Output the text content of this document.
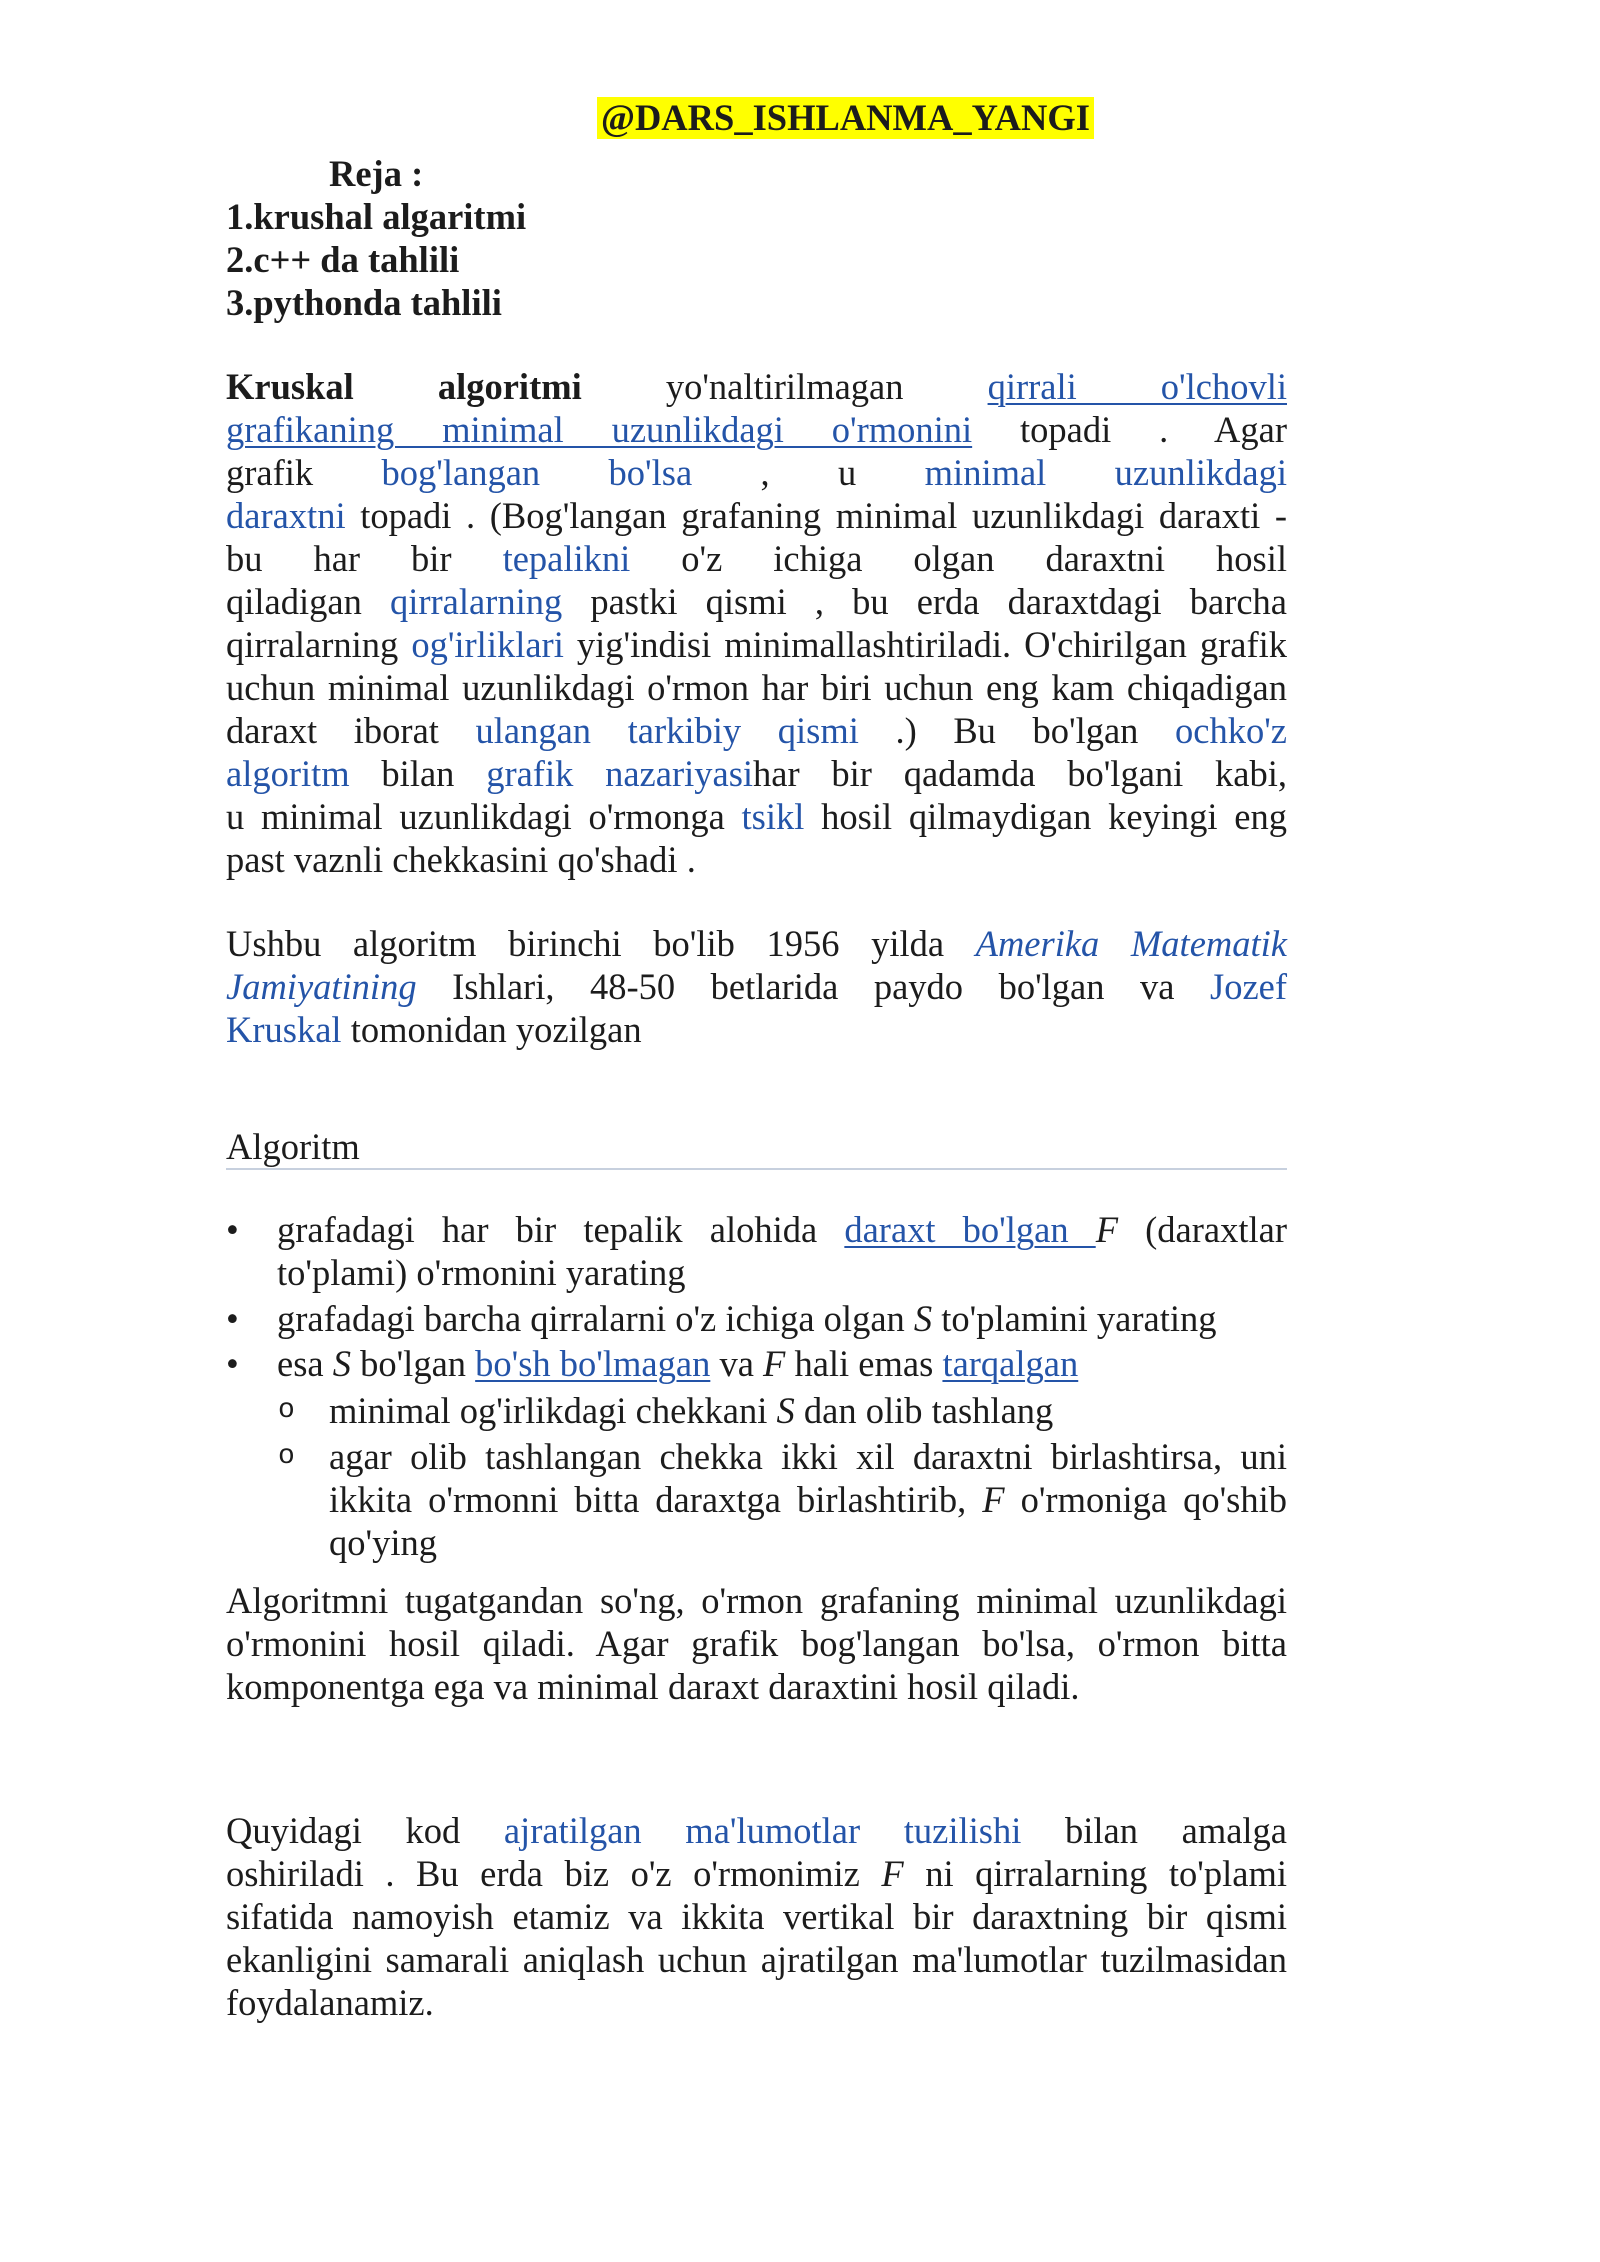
@DARS_ISHLANMA_YANGI
Reja :
1.krushal algaritmi
2.c++ da tahlili
3.pythonda tahlili
Kruskal algoritmi yo'naltirilmagan qirrali o'lchovli
grafikaning minimal uzunlikdagi o'rmonini topadi . Agar
grafik bog'langan bo'lsa , u minimal uzunlikdagi
daraxtni topadi . (Bog'langan grafaning minimal uzunlikdagi daraxti -
bu har bir tepalikni o'z ichiga olgan daraxtni hosil
qiladigan qirralarning pastki qismi , bu erda daraxtdagi barcha
qirralarning og'irliklari yig'indisi minimallashtiriladi. O'chirilgan grafik
uchun minimal uzunlikdagi o'rmon har biri uchun eng kam chiqadigan
daraxt iborat ulangan tarkibiy qismi .) Bu bo'lgan ochko'z
algoritm bilan grafik nazariyasihar bir qadamda bo'lgani kabi,
u minimal uzunlikdagi o'rmonga tsikl hosil qilmaydigan keyingi eng
past vaznli chekkasini qo'shadi .
Ushbu algoritm birinchi bo'lib 1956 yilda Amerika Matematik
Jamiyatining Ishlari, 48-50 betlarida paydo bo'lgan va Jozef
Kruskal tomonidan yozilgan
Algoritm
• grafadagi har bir tepalik alohida daraxt bo'lgan F (daraxtlar
to'plami) o'rmonini yarating
• grafadagi barcha qirralarni o'z ichiga olgan S to'plamini yarating
• esa S bo'lgan bo'sh bo'lmagan va F hali emas tarqalgan
o minimal og'irlikdagi chekkani S dan olib tashlang
o agar olib tashlangan chekka ikki xil daraxtni birlashtirsa, uni
ikkita o'rmonni bitta daraxtga birlashtirib, F o'rmoniga qo'shib
qo'ying
Algoritmni tugatgandan so'ng, o'rmon grafaning minimal uzunlikdagi
o'rmonini hosil qiladi. Agar grafik bog'langan bo'lsa, o'rmon bitta
komponentga ega va minimal daraxt daraxtini hosil qiladi.
Quyidagi kod ajratilgan ma'lumotlar tuzilishi bilan amalga
oshiriladi . Bu erda biz o'z o'rmonimiz F ni qirralarning to'plami
sifatida namoyish etamiz va ikkita vertikal bir daraxtning bir qismi
ekanligini samarali aniqlash uchun ajratilgan ma'lumotlar tuzilmasidan
foydalanamiz.
